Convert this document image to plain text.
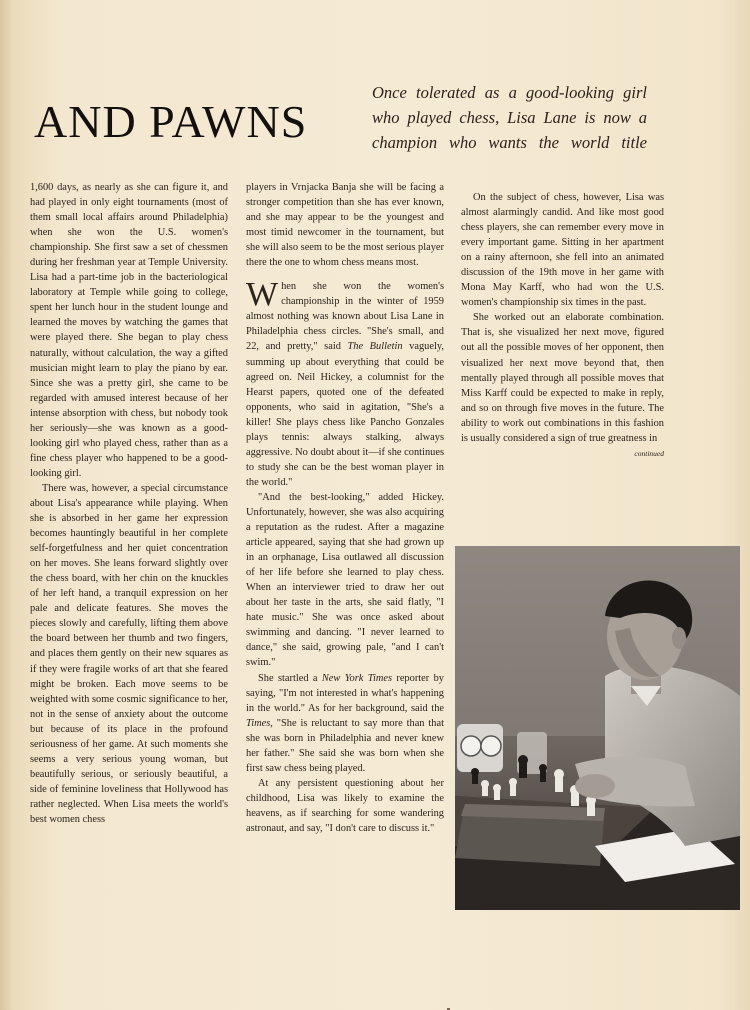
AND PAWNS
Once tolerated as a good-looking girl who played chess, Lisa Lane is now a champion who wants the world title

1,600 days, as nearly as she can figure it, and had played in only eight tournaments (most of them small local affairs around Philadelphia) when she won the U.S. women's championship. She first saw a set of chessmen during her freshman year at Temple University. Lisa had a part-time job in the bacteriological laboratory at Temple while going to college, spent her lunch hour in the student lounge and learned the moves by watching the games that were played there. She began to play chess naturally, without calculation, the way a gifted musician might learn to play the piano by ear. Since she was a pretty girl, she came to be regarded with amused interest because of her intense absorption with chess, but nobody took her seriously—she was known as a good-looking girl who played chess, rather than as a fine chess player who happened to be a good-looking girl.

There was, however, a special circumstance about Lisa's appearance while playing. When she is absorbed in her game her expression becomes hauntingly beautiful in her complete self-forgetfulness and her quiet concentration on her moves. She leans forward slightly over the chess board, with her chin on the knuckles of her left hand, a tranquil expression on her pale and delicate features. She moves the pieces slowly and carefully, lifting them above the board between her thumb and two fingers, and places them gently on their new squares as if they were fragile works of art that she feared might be broken. Each move seems to be weighted with some cosmic significance to her, not in the sense of anxiety about the outcome but because of its place in the profound seriousness of her game. At such moments she seems a very serious young woman, but beautifully serious, or seriously beautiful, a side of feminine loveliness that Hollywood has rather neglected. When Lisa meets the world's best women chess

players in Vrnjacka Banja she will be facing a stronger competition than she has ever known, and she may appear to be the youngest and most timid newcomer in the tournament, but she will also seem to be the most serious player there the one to whom chess means most.

When she won the women's championship in the winter of 1959 almost nothing was known about Lisa Lane in Philadelphia chess circles. "She's small, and 22, and pretty," said The Bulletin vaguely, summing up about everything that could be agreed on. Neil Hickey, a columnist for the Hearst papers, quoted one of the defeated opponents, who said in agitation, "She's a killer! She plays chess like Pancho Gonzales plays tennis: always stalking, always aggressive. No doubt about it—if she continues to study she can be the best woman player in the world."

"And the best-looking," added Hickey. Unfortunately, however, she was also acquiring a reputation as the rudest. After a magazine article appeared, saying that she had grown up in an orphanage, Lisa outlawed all discussion of her life before she learned to play chess. When an interviewer tried to draw her out about her taste in the arts, she said flatly, "I hate music." She was once asked about swimming and dancing. "I never learned to dance," she said, growing pale, "and I can't swim."

She startled a New York Times reporter by saying, "I'm not interested in what's happening in the world." As for her background, said the Times, "She is reluctant to say more than that she was born in Philadelphia and never knew her father." She said she was born when she first saw chess being played.

At any persistent questioning about her childhood, Lisa was likely to examine the heavens, as if searching for some wandering astronaut, and say, "I don't care to discuss it."

On the subject of chess, however, Lisa was almost alarmingly candid. And like most good chess players, she can remember every move in every important game. Sitting in her apartment on a rainy afternoon, she fell into an animated discussion of the 19th move in her game with Mona May Karff, who had won the U.S. women's championship six times in the past.

She worked out an elaborate combination. That is, she visualized her next move, figured out all the possible moves of her opponent, then visualized her next move beyond that, then mentally played through all possible moves that Miss Karff could be expected to make in reply, and so on through five moves in the future. The ability to work out combinations in this fashion is usually considered a sign of true greatness in

continued
